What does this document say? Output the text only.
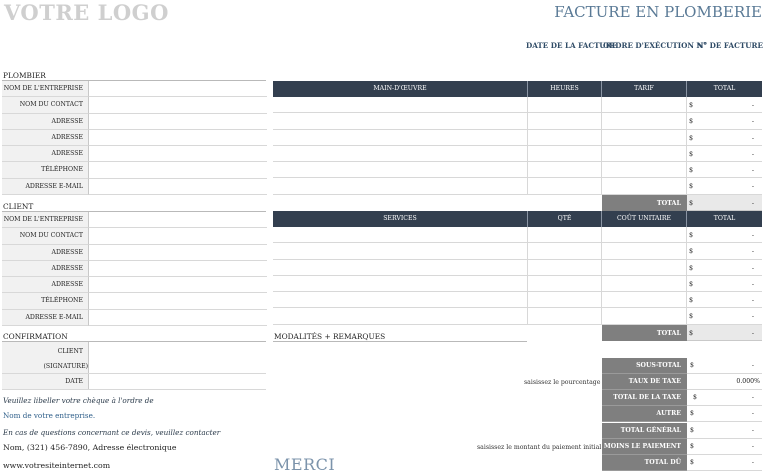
VOTRE LOGO	FACTURE EN PLOMBERIE
DATE DE LA FACTURE
ORDRE D'EXÉCUTION N°
N° DE FACTURE
PLOMBIER
NOM DE L'ENTREPRISE
NOM DU CONTACT
ADRESSE
ADRESSE
ADRESSE
TÉLÉPHONE
ADRESSE E-MAIL
CLIENT
NOM DE L'ENTREPRISE
NOM DU CONTACT
ADRESSE
ADRESSE
ADRESSE
TÉLÉPHONE
ADRESSE E-MAIL
CONFIRMATION
CLIENT
(SIGNATURE)
DATE
MAIN-D'ŒUVRE	HEURES	TARIF	TOTAL
$	-
$	-
$	-
$	-
$	-
$	-
TOTAL	$	-
SERVICES	QTÉ	COÛT UNITAIRE	TOTAL
$	-
$	-
$	-
$	-
$	-
$	-
TOTAL	$	-
MODALITÉS + REMARQUES
SOUS-TOTAL	$	-
saisissez le pourcentage	TAUX DE TAXE	0.000%
TOTAL DE LA TAXE	$	-
AUTRE	$	-
TOTAL GÉNÉRAL	$	-
saisissez le montant du paiement initial MOINS LE PAIEMENT	$	-
TOTAL DÛ	$	-
Veuillez libeller votre chèque à l'ordre de
Nom de votre entreprise.
En cas de questions concernant ce devis, veuillez contacter
Nom, (321) 456-7890, Adresse électronique
www.votresiteinternet.com	MERCI
